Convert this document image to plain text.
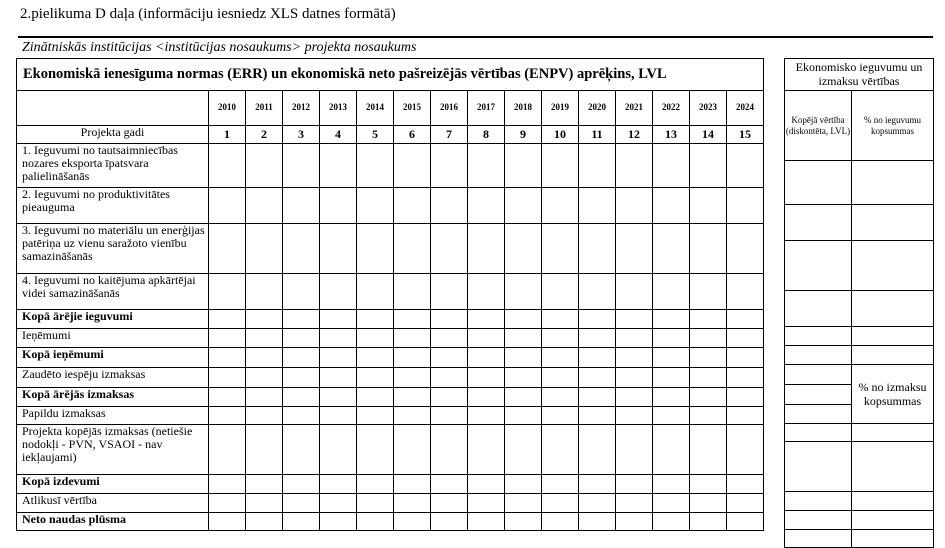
2.pielikuma D daļa (informāciju iesniedz XLS datnes formātā)
Zinātniskās institūcijas <institūcijas nosaukums> projekta nosaukums
Ekonomiskā ienesīguma normas (ERR) un ekonomiskā neto pašreizējās vērtības (ENPV) aprēķins, LVL															
	2010	2011	2012	2013	2014	2015	2016	2017	2018	2019	2020	2021	2022	2023	2024
Projekta gadi	1	2	3	4	5	6	7	8	9	10	11	12	13	14	15
1. Ieguvumi no tautsaimniecības nozares eksporta īpatsvara palielināšanās															
2. Ieguvumi no produktivitātes pieauguma															
3. Ieguvumi no materiālu un enerģijas patēriņa uz vienu saražoto vienību samazināšanās															
4. Ieguvumi no kaitējuma apkārtējai videi samazināšanās															
Kopā ārējie ieguvumi															
Ieņēmumi															
Kopā ieņēmumi															
Zaudēto iespēju izmaksas															
Kopā ārējās izmaksas															
Papildu izmaksas															
Projekta kopējās izmaksas (netiešie nodokļi - PVN, VSAOI - nav iekļaujami)															
Kopā izdevumi															
Atlikusī vērtība															
Neto naudas plūsma															
Ekonomisko ieguvumu un izmaksu vērtības	
Kopējā vērtība (diskontēta, LVL)	% no ieguvumu kopsummas

	% no izmaksu kopsummas
